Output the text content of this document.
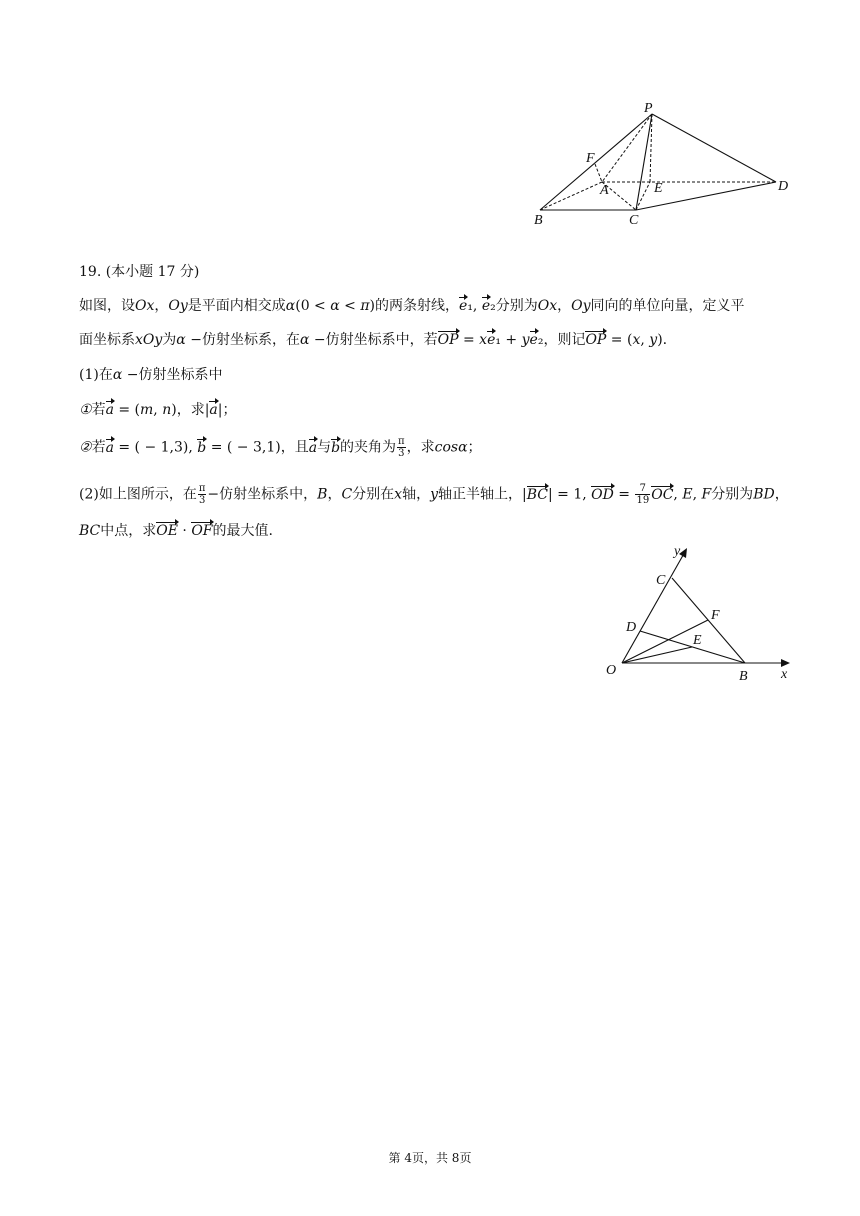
P
F
A	E	D
B	C
19. (本小题 17 分)
如图，设Ox，Oy是平面内相交成α(0 < α < π)的两条射线，e₁, e₂分别为Ox，Oy同向的单位向量，定义平
面坐标系xOy为α −仿射坐标系，在α −仿射坐标系中，若OP = xe₁ + ye₂，则记OP = (x, y).
(1)在α −仿射坐标系中
①若a = (m, n)，求|a|；
②若a = ( − 1,3), b = ( − 3,1)，且a与b的夹角为 $\frac{\pi}{3}$ ，求cosα；
(2)如上图所示，在 $\frac{\pi}{3}$ −仿射坐标系中，B，C分别在x轴，y轴正半轴上，|BC| = 1, OD = $\frac{7}{19}$ OC, E, F分别为BD，
BC中点，求OE · OF的最大值.
y
C
F
D
E
O	B x
第 4页，共 8页
